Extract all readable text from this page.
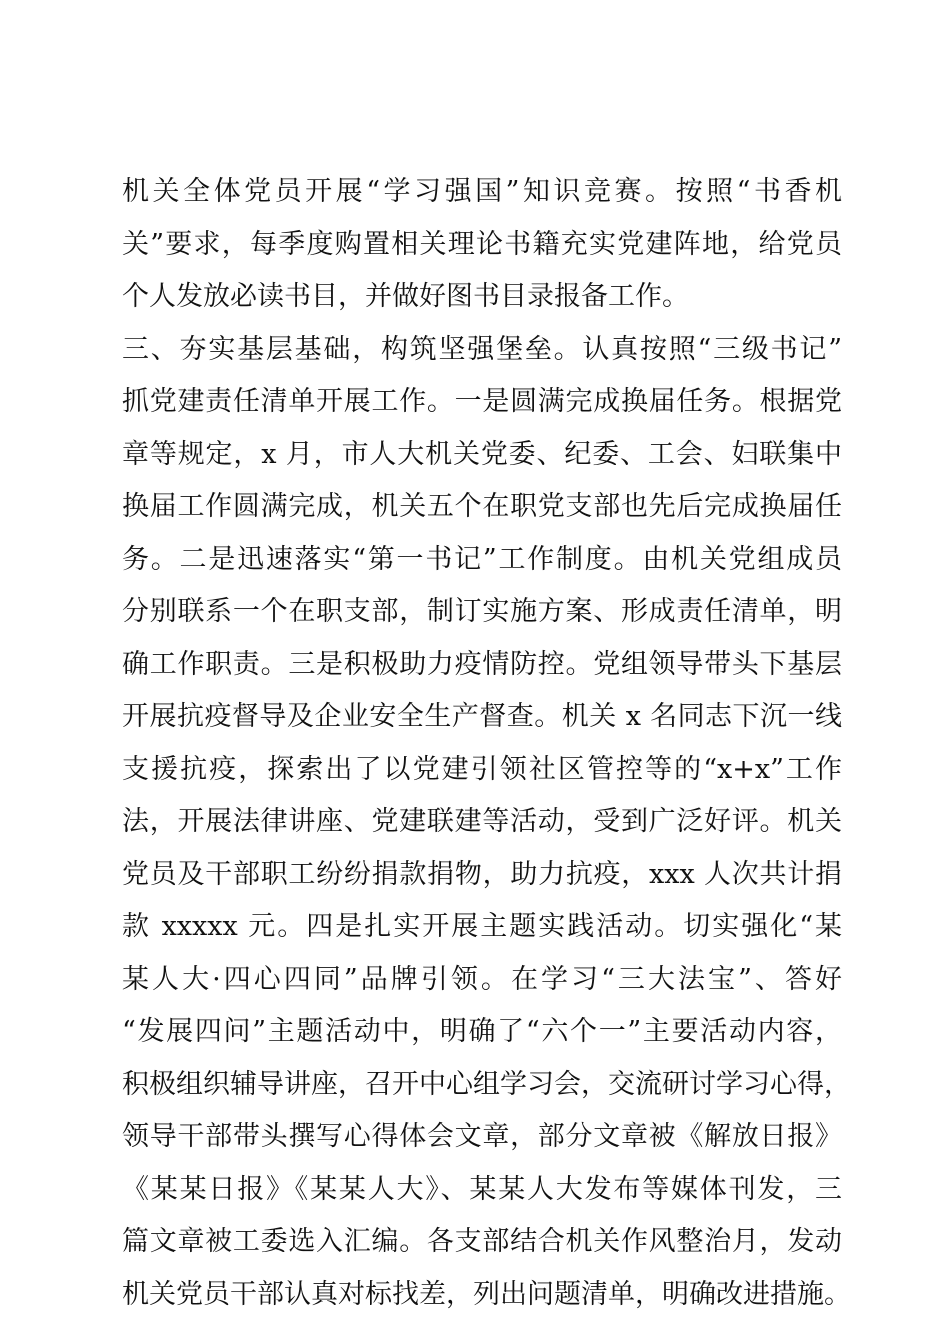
机关全体党员开展“学习强国”知识竞赛。按照“书香机
关”要求，每季度购置相关理论书籍充实党建阵地，给党员
个人发放必读书目，并做好图书目录报备工作。
三、夯实基层基础，构筑坚强堡垒。认真按照“三级书记”
抓党建责任清单开展工作。一是圆满完成换届任务。根据党
章等规定，x 月，市人大机关党委、纪委、工会、妇联集中
换届工作圆满完成，机关五个在职党支部也先后完成换届任
务。二是迅速落实“第一书记”工作制度。由机关党组成员
分别联系一个在职支部，制订实施方案、形成责任清单，明
确工作职责。三是积极助力疫情防控。党组领导带头下基层
开展抗疫督导及企业安全生产督查。机关 x 名同志下沉一线
支援抗疫，探索出了以党建引领社区管控等的“x+x”工作
法，开展法律讲座、党建联建等活动，受到广泛好评。机关
党员及干部职工纷纷捐款捐物，助力抗疫，xxx 人次共计捐
款 xxxxx 元。四是扎实开展主题实践活动。切实强化“某
某人大·四心四同”品牌引领。在学习“三大法宝”、答好
“发展四问”主题活动中，明确了“六个一”主要活动内容，
积极组织辅导讲座，召开中心组学习会，交流研讨学习心得，
领导干部带头撰写心得体会文章，部分文章被《解放日报》
《某某日报》《某某人大》、某某人大发布等媒体刊发，三
篇文章被工委选入汇编。各支部结合机关作风整治月，发动
机关党员干部认真对标找差，列出问题清单，明确改进措施。
